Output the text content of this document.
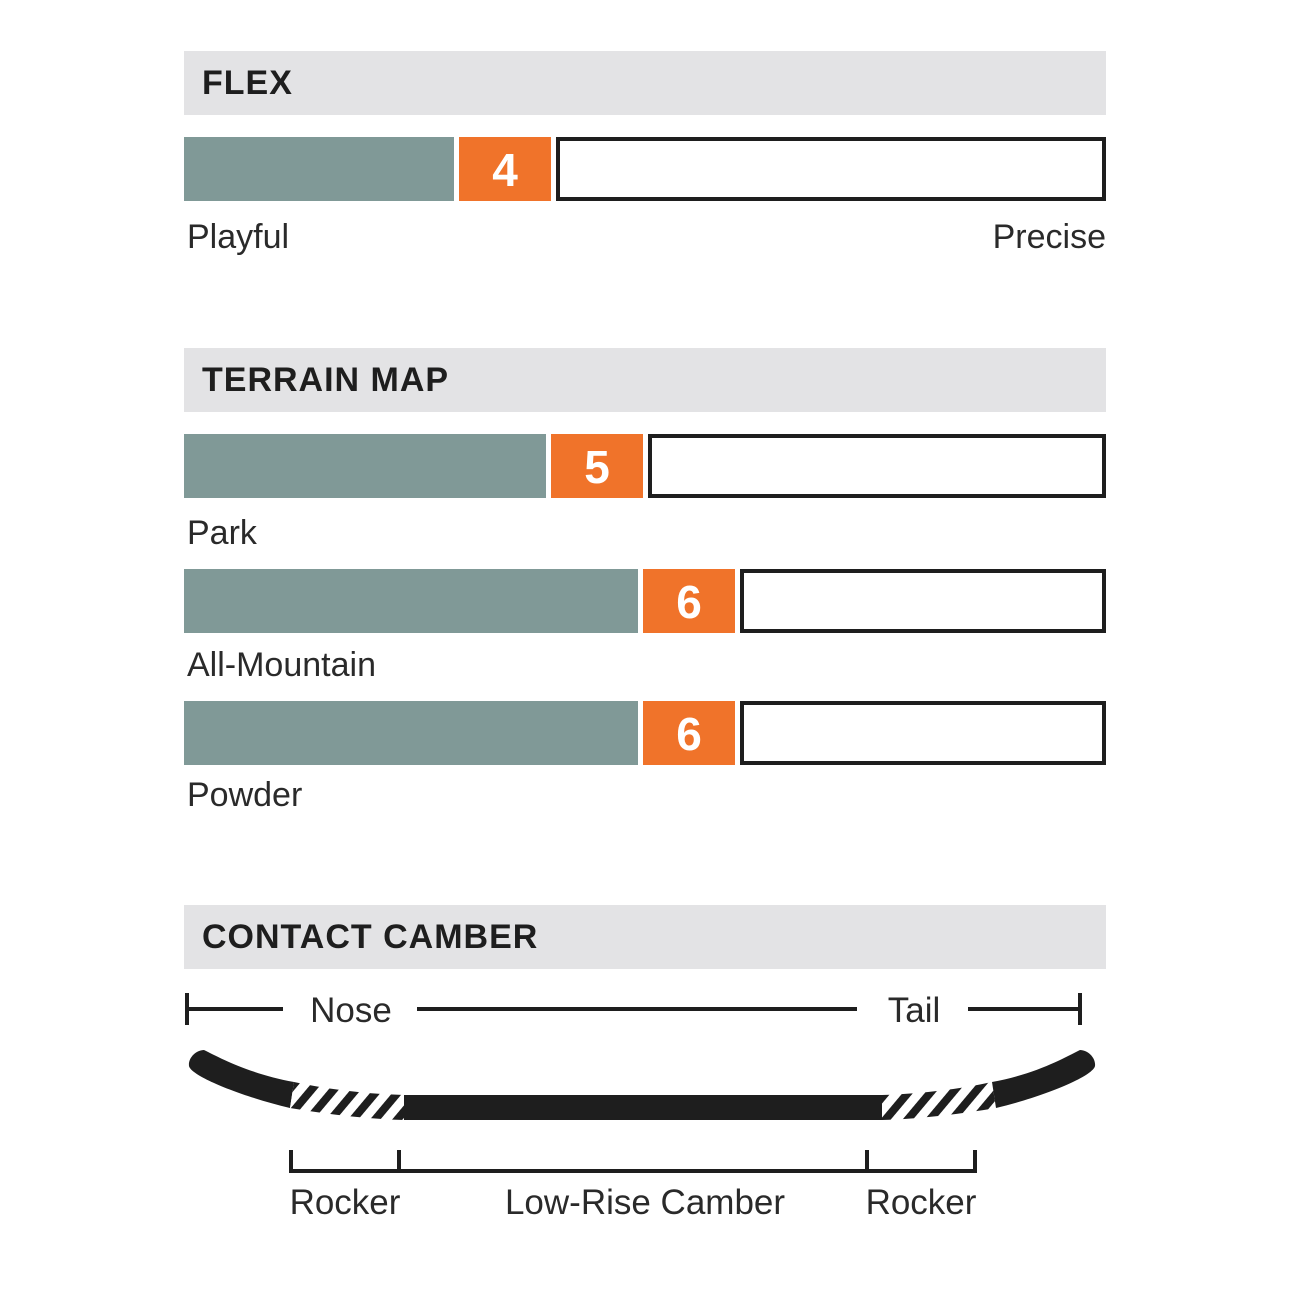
FLEX
4
Playful	Precise
TERRAIN MAP
5
Park
6
All-Mountain
6
Powder
CONTACT CAMBER
Nose	Tail
Rocker	Low-Rise Camber Rocker
